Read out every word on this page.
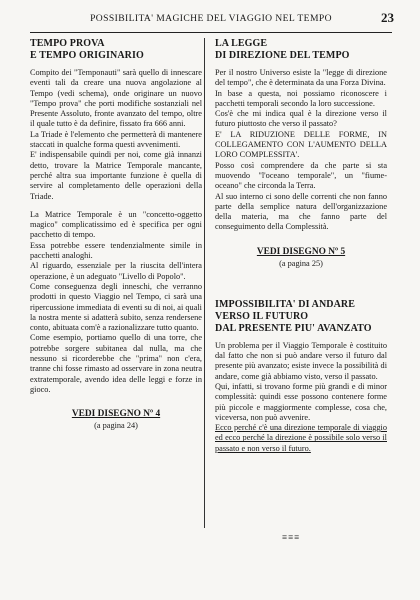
POSSIBILITA' MAGICHE DEL VIAGGIO NEL TEMPO	23
TEMPO PROVA
E TEMPO ORIGINARIO

Compito dei "Temponauti" sarà quello di innescare eventi tali da creare una nuova angolazione al Tempo (vedi schema), onde originare un nuovo "Tempo prova" che porti modifiche sostanziali nel Presente Assoluto, fronte avanzato del tempo, oltre il quale tutto è da definire, fissato fra 666 anni.

La Triade è l'elemento che permetterà di mantenere staccati in qualche forma questi avvenimenti.

E' indispensabile quindi per noi, come già innanzi detto, trovare la Matrice Temporale mancante, perché altra sua importante funzione è quella di servire al completamento delle operazioni della Triade.

La Matrice Temporale è un "concetto-oggetto magico" complicatissimo ed è specifica per ogni pacchetto di tempo.

Essa potrebbe essere tendenzialmente simile in pacchetti analoghi.

Al riguardo, essenziale per la riuscita dell'intera operazione, è un adeguato "Livello di Popolo".

Come conseguenza degli inneschi, che verranno prodotti in questo Viaggio nel Tempo, ci sarà una ripercussione immediata di eventi su di noi, ai quali la nostra mente si adatterà subito, senza rendersene conto, abituata com'è a razionalizzare tutto quanto.

Come esempio, portiamo quello di una torre, che potrebbe sorgere subitanea dal nulla, ma che nessuno si ricorderebbe che "prima" non c'era, tranne chi fosse rimasto ad osservare in zona neutra extratemporale, avendo idea delle leggi e forze in gioco.

VEDI DISEGNO Nº 4
(a pagina 24)
LA LEGGE
DI DIREZIONE DEL TEMPO

Per il nostro Universo esiste la "legge di direzione del tempo", che è determinata da una Forza Divina.

In base a questa, noi possiamo riconoscere i pacchetti temporali secondo la loro successione.

Cos'è che mi indica qual è la direzione verso il futuro piuttosto che verso il passato?

E' LA RIDUZIONE DELLE FORME, IN COLLEGAMENTO CON L'AUMENTO DELLA LORO COMPLESSITA'.

Posso così comprendere da che parte si sta muovendo "l'oceano temporale", un "fiume-oceano" che circonda la Terra.

Al suo interno ci sono delle correnti che non fanno parte della semplice natura dell'organizzazione della materia, ma che fanno parte del conseguimento della Complessità.

VEDI DISEGNO Nº 5
(a pagina 25)
IMPOSSIBILITA' DI ANDARE
VERSO IL FUTURO
DAL PRESENTE PIU' AVANZATO

Un problema per il Viaggio Temporale è costituito dal fatto che non si può andare verso il futuro dal presente più avanzato; esiste invece la possibilità di andare, come già abbiamo visto, verso il passato.

Qui, infatti, si trovano forme più grandi e di minor complessità: quindi esse possono contenere forme più piccole e maggiormente complesse, cosa che, viceversa, non può avvenire.

Ecco perché c'è una direzione temporale di viaggio ed ecco perché la direzione è possibile solo verso il passato e non verso il futuro.

≡≡≡
